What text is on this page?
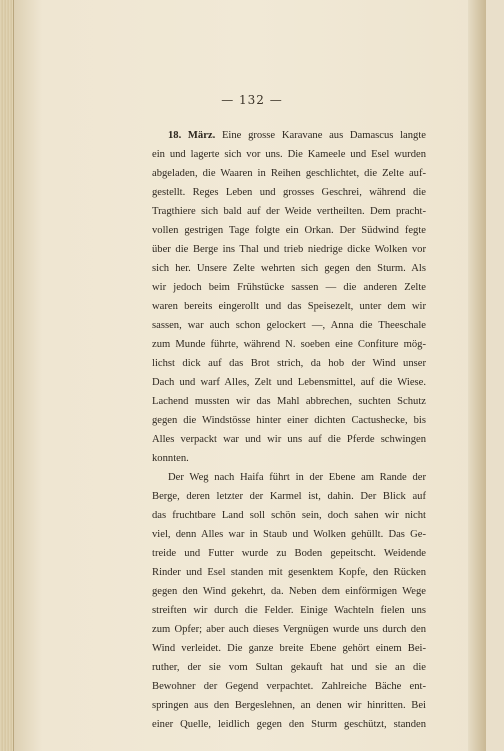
— 132 —
18. März. Eine grosse Karavane aus Damascus langte
ein und lagerte sich vor uns. Die Kameele und Esel wurden
abgeladen, die Waaren in Reihen geschlichtet, die Zelte auf-
gestellt. Reges Leben und grosses Geschrei, während die
Tragthiere sich bald auf der Weide vertheilten. Dem pracht-
vollen gestrigen Tage folgte ein Orkan. Der Südwind fegte
über die Berge ins Thal und trieb niedrige dicke Wolken vor
sich her. Unsere Zelte wehrten sich gegen den Sturm. Als
wir jedoch beim Frühstücke sassen — die anderen Zelte
waren bereits eingerollt und das Speisezelt, unter dem wir
sassen, war auch schon gelockert —, Anna die Theeschale
zum Munde führte, während N. soeben eine Confiture mög-
lichst dick auf das Brot strich, da hob der Wind unser
Dach und warf Alles, Zelt und Lebensmittel, auf die Wiese.
Lachend mussten wir das Mahl abbrechen, suchten Schutz
gegen die Windstösse hinter einer dichten Cactushecke, bis
Alles verpackt war und wir uns auf die Pferde schwingen
konnten.
Der Weg nach Haifa führt in der Ebene am Rande der
Berge, deren letzter der Karmel ist, dahin. Der Blick auf
das fruchtbare Land soll schön sein, doch sahen wir nicht
viel, denn Alles war in Staub und Wolken gehüllt. Das Ge-
treide und Futter wurde zu Boden gepeitscht. Weidende
Rinder und Esel standen mit gesenktem Kopfe, den Rücken
gegen den Wind gekehrt, da. Neben dem einförmigen Wege
streiften wir durch die Felder. Einige Wachteln fielen uns
zum Opfer; aber auch dieses Vergnügen wurde uns durch den
Wind verleidet. Die ganze breite Ebene gehört einem Bei-
ruther, der sie vom Sultan gekauft hat und sie an die
Bewohner der Gegend verpachtet. Zahlreiche Bäche ent-
springen aus den Bergeslehnen, an denen wir hinritten. Bei
einer Quelle, leidlich gegen den Sturm geschützt, standen
